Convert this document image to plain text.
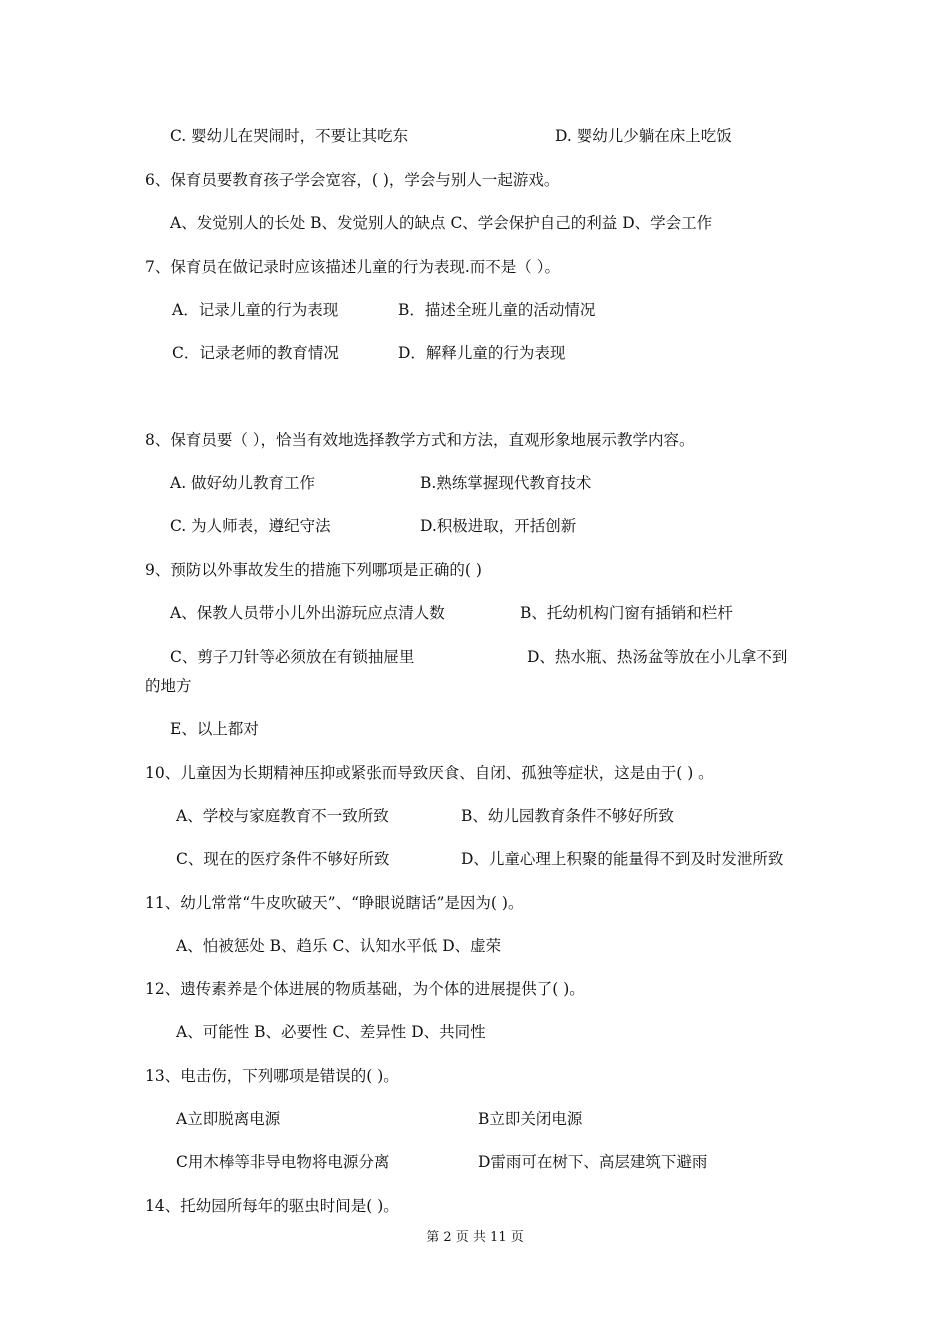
C. 婴幼儿在哭闹时，不要让其吃东	D. 婴幼儿少躺在床上吃饭
6、保育员要教育孩子学会宽容，( )，学会与别人一起游戏。
A、发觉别人的长处 B、发觉别人的缺点 C、学会保护自己的利益 D、学会工作
7、保育员在做记录时应该描述儿童的行为表现.而不是（ ）。
A．记录儿童的行为表现	B．描述全班儿童的活动情况
C．记录老师的教育情况	D．解释儿童的行为表现
8、保育员要（ ），恰当有效地选择教学方式和方法，直观形象地展示教学内容。
A. 做好幼儿教育工作	B.熟练掌握现代教育技术
C. 为人师表，遵纪守法	D.积极进取，开括创新
9、预防以外事故发生的措施下列哪项是正确的( )
A、保教人员带小儿外出游玩应点清人数	B、托幼机构门窗有插销和栏杆
C、剪子刀针等必须放在有锁抽屉里	D、热水瓶、热汤盆等放在小儿拿不到
的地方
E、以上都对
10、儿童因为长期精神压抑或紧张而导致厌食、自闭、孤独等症状，这是由于( ) 。
A、学校与家庭教育不一致所致	B、幼儿园教育条件不够好所致
C、现在的医疗条件不够好所致	D、儿童心理上积聚的能量得不到及时发泄所致
11、幼儿常常“牛皮吹破天”、“睁眼说瞎话”是因为( )。
A、怕被惩处 B、趋乐 C、认知水平低 D、虚荣
12、遗传素养是个体进展的物质基础，为个体的进展提供了( )。
A、可能性 B、必要性 C、差异性 D、共同性
13、电击伤，下列哪项是错误的( )。
A立即脱离电源	B立即关闭电源
C用木棒等非导电物将电源分离	D雷雨可在树下、高层建筑下避雨
14、托幼园所每年的驱虫时间是( )。
第 2 页 共 11 页
